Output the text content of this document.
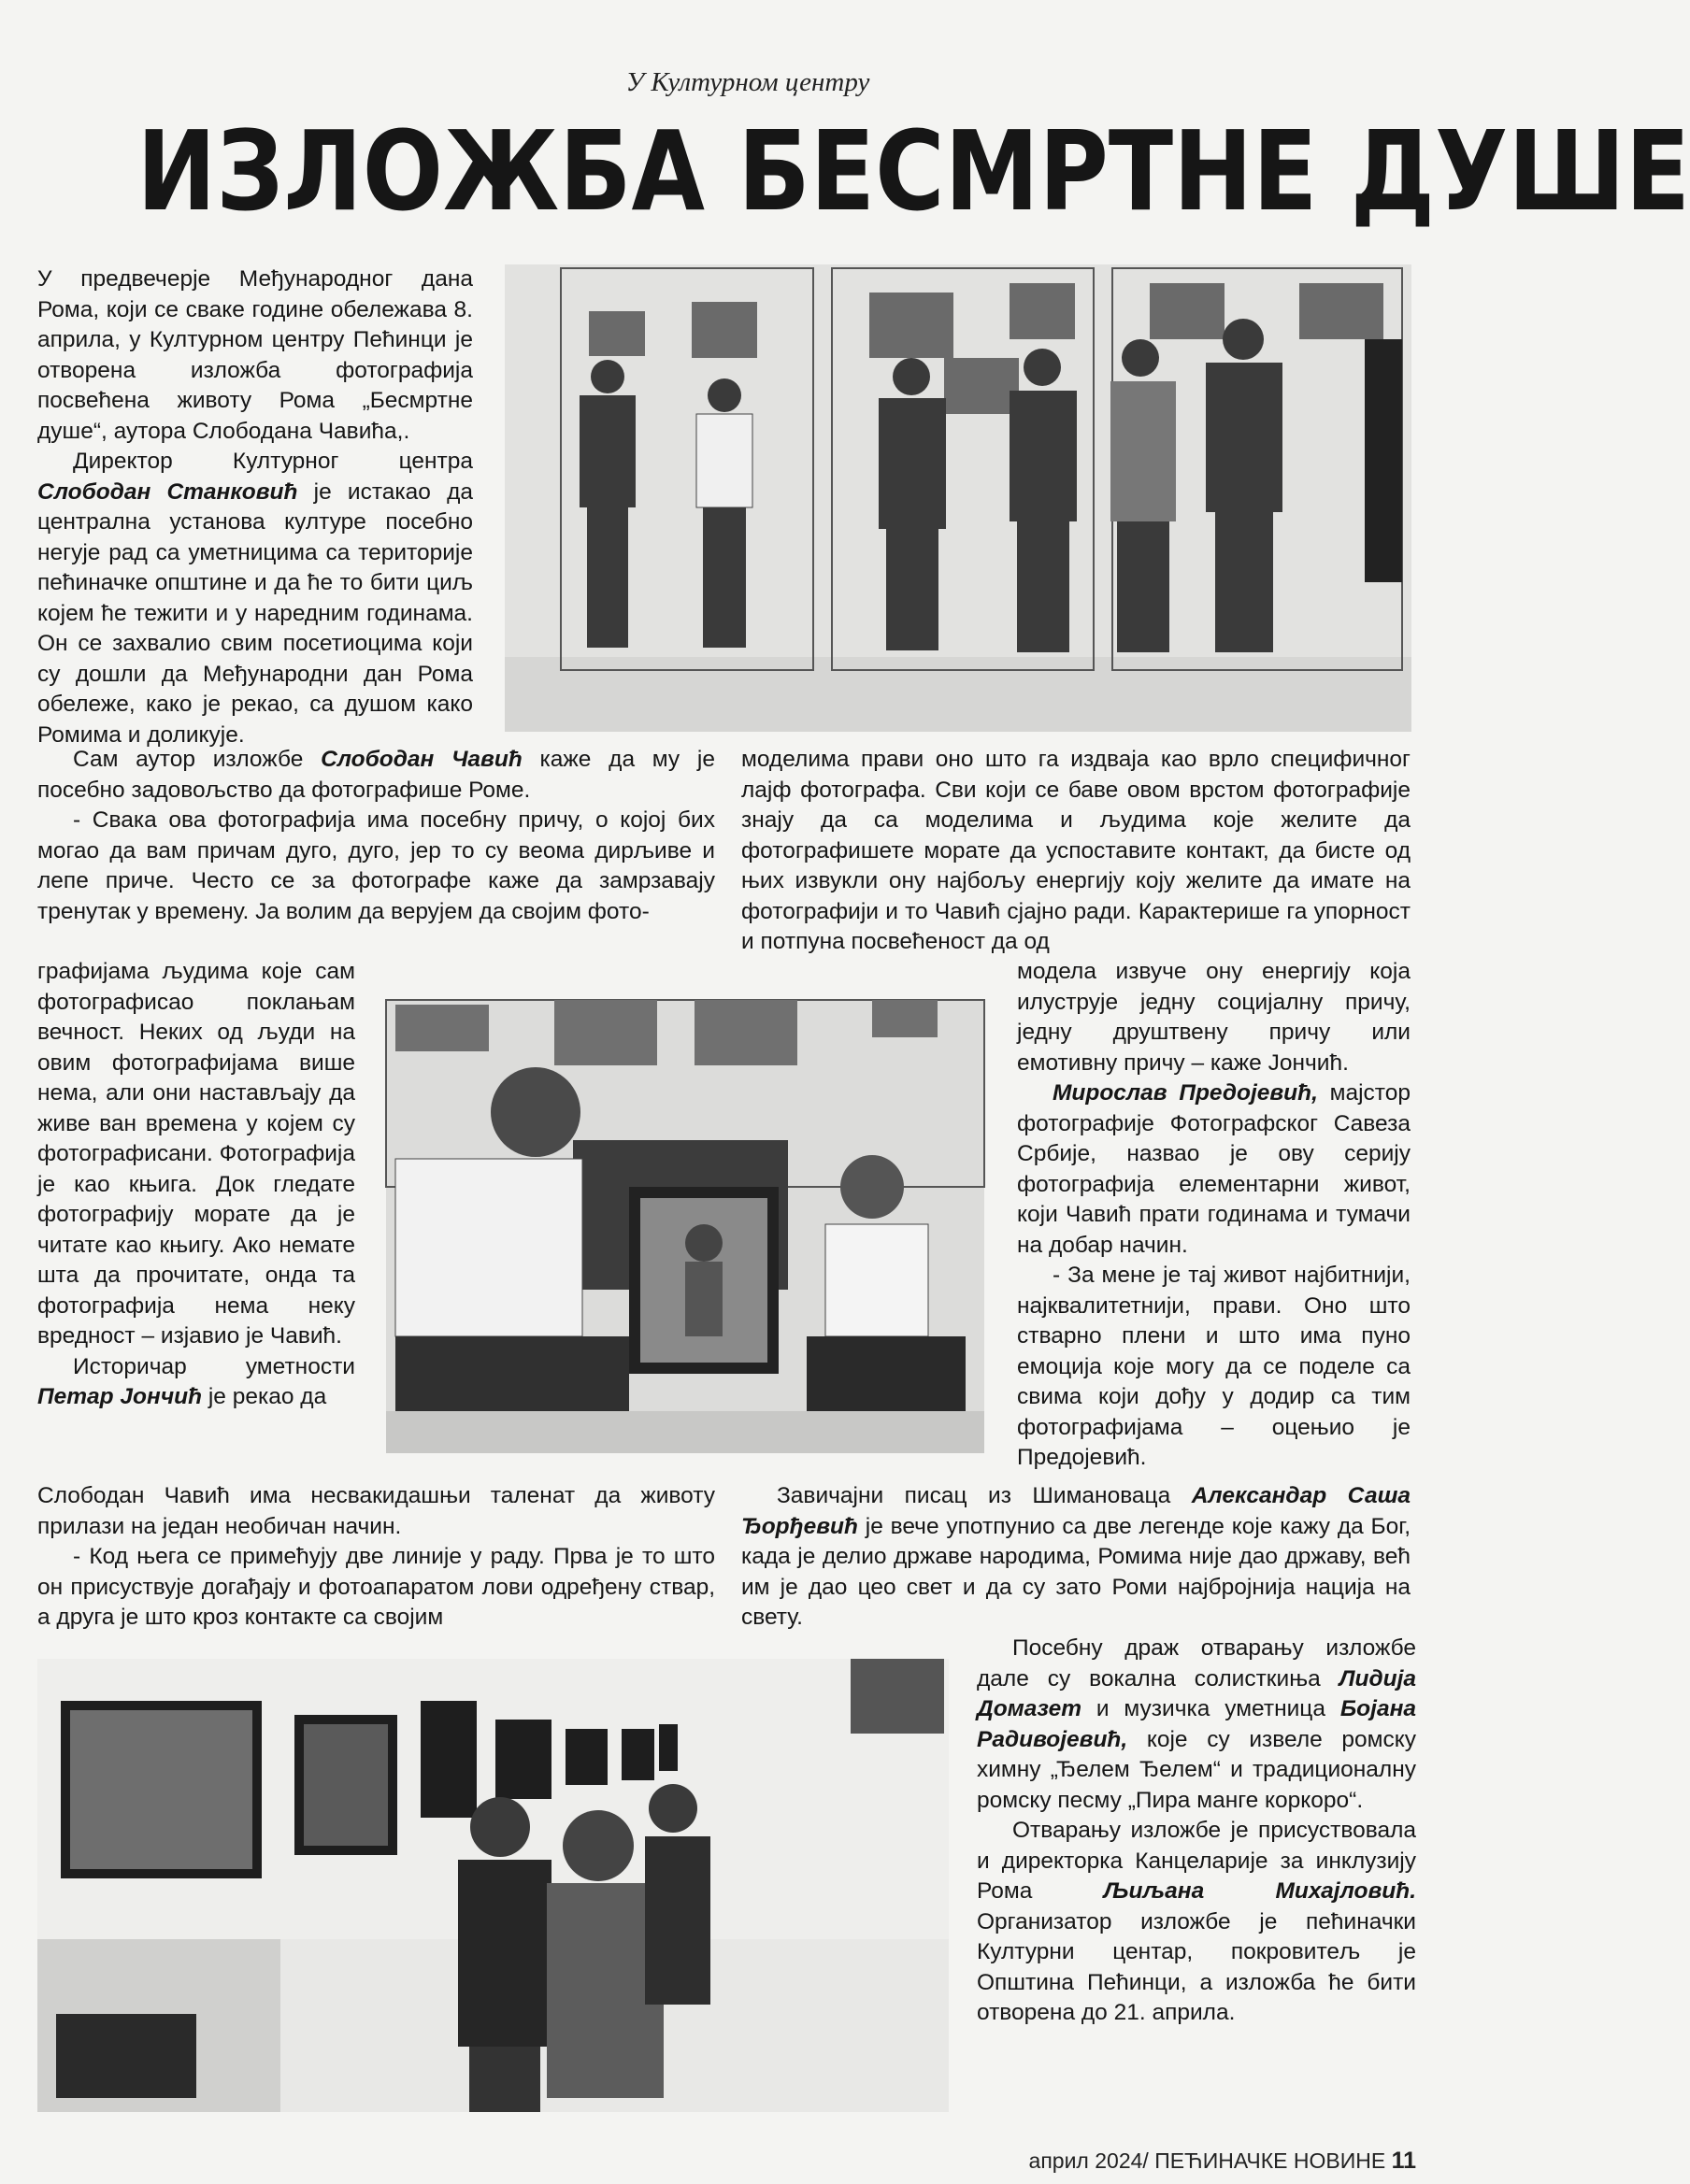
У Културном центру
ИЗЛОЖБА БЕСМРТНЕ ДУШЕ

У предвечерје Међународног дана Рома, који се сваке године обележава 8. априла, у Културном центру Пећинци је отворена изложба фотографија посвећена животу Рома „Бесмртне душе“, аутора Слободана Чавића,.

Директор Културног центра Слободан Станковић је истакао да централна установа културе посебно негује рад са уметницима са територије пећиначке општине и да ће то бити циљ којем ће тежити и у наредним годинама. Он се захвалио свим посетиоцима који су дошли да Међународни дан Рома обележе, како је рекао, са душом како Ромима и доликује.

Сам аутор изложбе Слободан Чавић каже да му је посебно задовољство да фотографише Роме.

- Свака ова фотографија има посебну причу, о којој бих могао да вам причам дуго, дуго, јер то су веома дирљиве и лепе приче. Често се за фотографе каже да замрзавају тренутак у времену. Ја волим да верујем да својим фото-

моделима прави оно што га издваја као врло специфичног лајф фотографа. Сви који се баве овом врстом фотографије знају да са моделима и људима које желите да фотографишете морате да успоставите контакт, да бисте од њих извукли ону најбољу енергију коју желите да имате на фотографији и то Чавић сјајно ради. Карактерише га упорност и потпуна посвећеност да од

графијама људима које сам фотографисао поклањам вечност. Неких од људи на овим фотографијама више нема, али они настављају да живе ван времена у којем су фотографисани. Фотографија је као књига. Док гледате фотографију морате да је читате као књигу. Ако немате шта да прочитате, онда та фотографија нема неку вредност – изјавио је Чавић.

Историчар уметности Петар Јончић је рекао да

модела извуче ону енергију која илуструје једну социјалну причу, једну друштвену причу или емотивну причу – каже Јончић.

Мирослав Предојевић, мајстор фотографије Фотографског Савеза Србије, назвао је ову серију фотографија елементарни живот, који Чавић прати годинама и тумачи на добар начин.

- За мене је тај живот најбитнији, најквалитетнији, прави. Оно што стварно плени и што има пуно емоција које могу да се поделе са свима који дођу у додир са тим фотографијама – оцењио је Предојевић.

Слободан Чавић има несвакидашњи таленат да животу прилази на један необичан начин.

- Код њега се примећују две линије у раду. Прва је то што он присуствује догађају и фотоапаратом лови одређену ствар, а друга је што кроз контакте са својим

Завичајни писац из Шимановаца Александар Саша Ђорђевић је вече употпунио са две легенде које кажу да Бог, када је делио државе народима, Ромима није дао државу, већ им је дао цео свет и да су зато Роми најбројнија нација на свету.

Посебну драж отварању изложбе дале су вокална солисткиња Лидија Домазет и музичка уметница Бојана Радивојевић, које су извеле ромску химну „Ђелем Ђелем“ и традиционалну ромску песму „Пира манге коркоро“.

Отварању изложбе је присуствовала и директорка Канцеларије за инклузију Рома Љиљана Михајловић. Организатор изложбе је пећиначки Културни центар, покровитељ је Општина Пећинци, а изложба ће бити отворена до 21. априла.

април 2024/ ПЕЋИНАЧКЕ НОВИНЕ 11
